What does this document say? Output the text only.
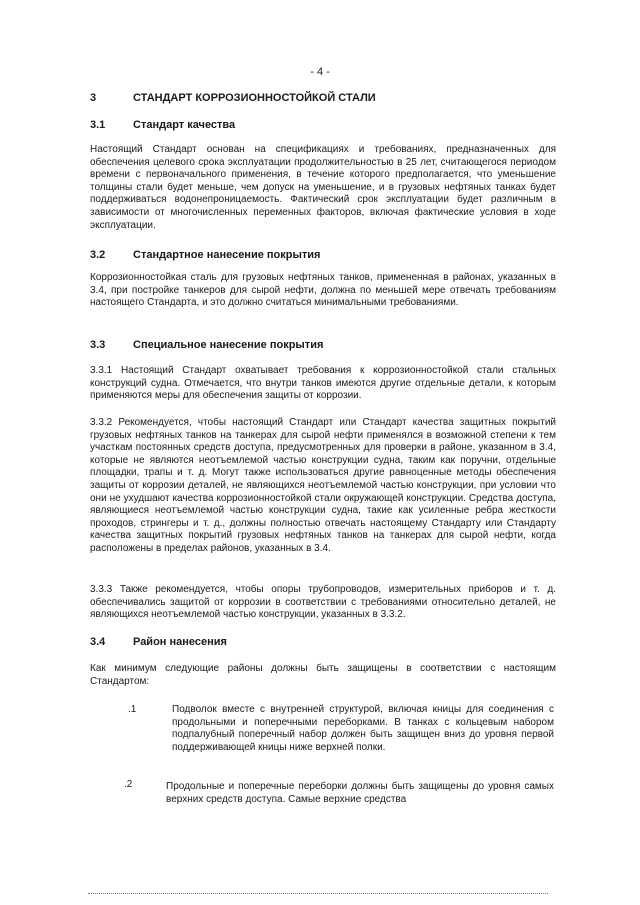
- 4 -
3	СТАНДАРТ КОРРОЗИОННОСТОЙКОЙ СТАЛИ
3.1	Стандарт качества

Настоящий Стандарт основан на спецификациях и требованиях, предназначенных для обеспечения целевого срока эксплуатации продолжительностью в 25 лет, считающегося периодом времени с первоначального применения, в течение которого предполагается, что уменьшение толщины стали будет меньше, чем допуск на уменьшение, и в грузовых нефтяных танках будет поддерживаться водонепроницаемость. Фактический срок эксплуатации будет различным в зависимости от многочисленных переменных факторов, включая фактические условия в ходе эксплуатации.

3.2	Стандартное нанесение покрытия

Коррозионностойкая сталь для грузовых нефтяных танков, примененная в районах, указанных в 3.4, при постройке танкеров для сырой нефти, должна по меньшей мере отвечать требованиям настоящего Стандарта, и это должно считаться минимальными требованиями.

3.3	Специальное нанесение покрытия

3.3.1 Настоящий Стандарт охватывает требования к коррозионностойкой стали стальных конструкций судна. Отмечается, что внутри танков имеются другие отдельные детали, к которым применяются меры для обеспечения защиты от коррозии.

3.3.2 Рекомендуется, чтобы настоящий Стандарт или Стандарт качества защитных покрытий грузовых нефтяных танков на танкерах для сырой нефти применялся в возможной степени к тем участкам постоянных средств доступа, предусмотренных для проверки в районе, указанном в 3.4, которые не являются неотъемлемой частью конструкции судна, таким как поручни, отдельные площадки, трапы и т. д. Могут также использоваться другие равноценные методы обеспечения защиты от коррозии деталей, не являющихся неотъемлемой частью конструкции, при условии что они не ухудшают качества коррозионностойкой стали окружающей конструкции. Средства доступа, являющиеся неотъемлемой частью конструкции судна, такие как усиленные ребра жесткости проходов, стрингеры и т. д., должны полностью отвечать настоящему Стандарту или Стандарту качества защитных покрытий грузовых нефтяных танков на танкерах для сырой нефти, когда расположены в пределах районов, указанных в 3.4.

3.3.3 Также рекомендуется, чтобы опоры трубопроводов, измерительных приборов и т. д. обеспечивались защитой от коррозии в соответствии с требованиями относительно деталей, не являющихся неотъемлемой частью конструкции, указанных в 3.3.2.

3.4	Район нанесения

Как минимум следующие районы должны быть защищены в соответствии с настоящим Стандартом:

.1	Подволок вместе с внутренней структурой, включая кницы для соединения с продольными и поперечными переборками. В танках с кольцевым набором подпалубный поперечный набор должен быть защищен вниз до уровня первой поддерживающей кницы ниже верхней полки.

.2	Продольные и поперечные переборки должны быть защищены до уровня самых верхних средств доступа. Самые верхние средства
